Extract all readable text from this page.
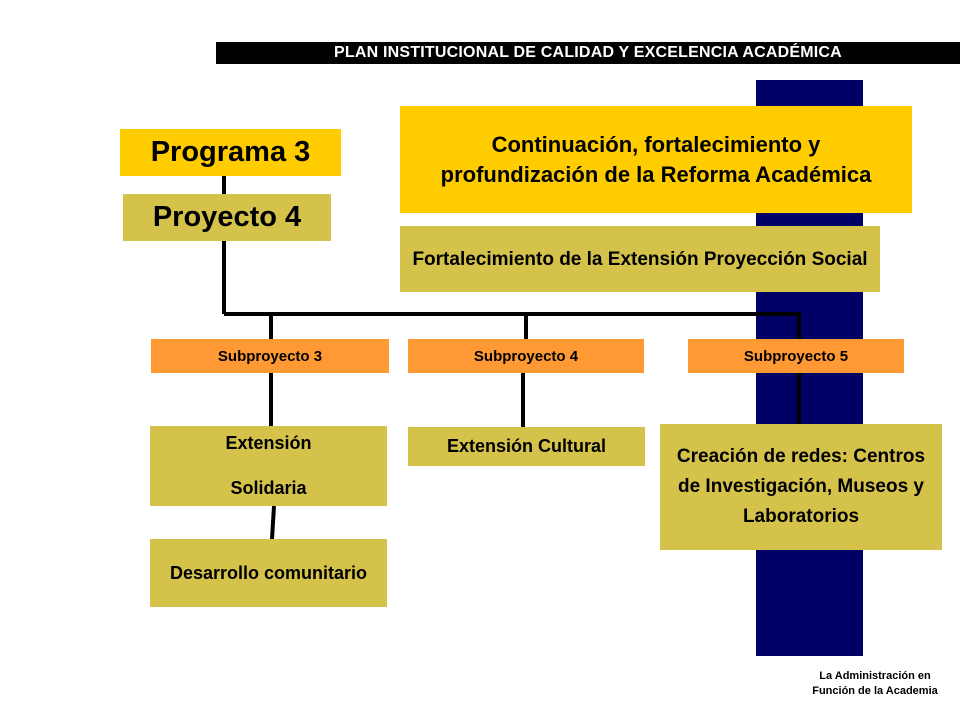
PLAN INSTITUCIONAL DE CALIDAD Y EXCELENCIA ACADÉMICA
Programa 3
Proyecto 4
Continuación, fortalecimiento y profundización de la Reforma Académica
Fortalecimiento de la Extensión Proyección Social
Subproyecto 3	Subproyecto 4	Subproyecto 5
Extensión
Solidaria
Desarrollo comunitario
Extensión Cultural	Creación de redes: Centros de Investigación, Museos y Laboratorios
La Administración en Función de la Academia
